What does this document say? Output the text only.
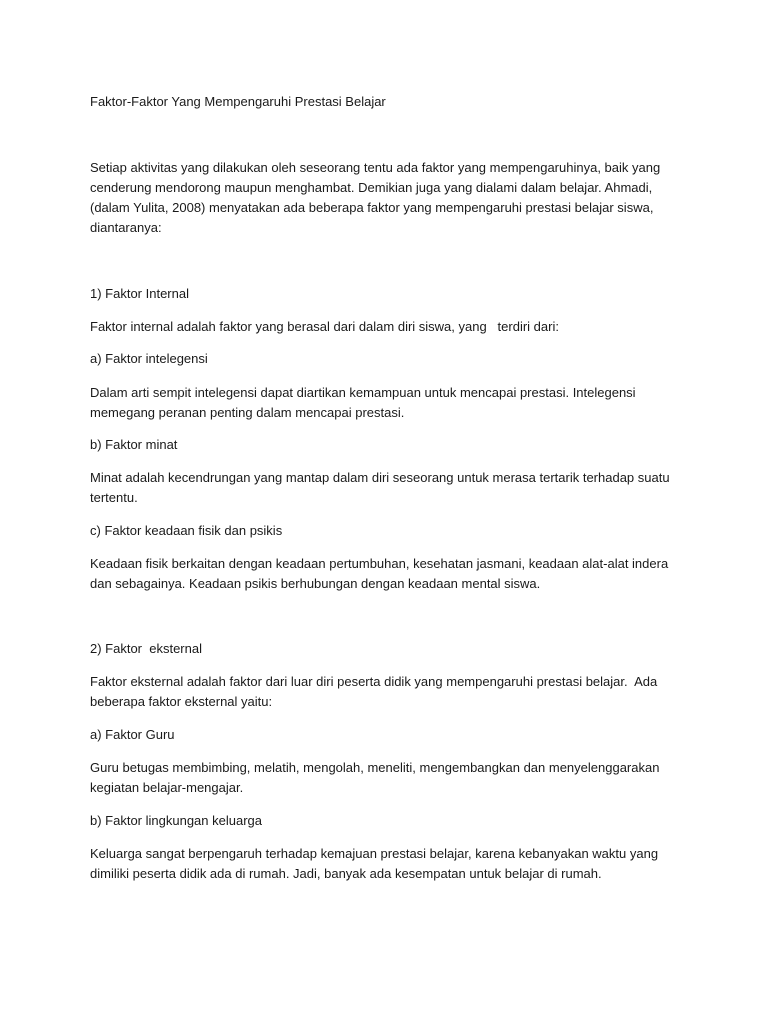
Faktor-Faktor Yang Mempengaruhi Prestasi Belajar

Setiap aktivitas yang dilakukan oleh seseorang tentu ada faktor yang mempengaruhinya, baik yang cenderung mendorong maupun menghambat. Demikian juga yang dialami dalam belajar. Ahmadi, (dalam Yulita, 2008) menyatakan ada beberapa faktor yang mempengaruhi prestasi belajar siswa, diantaranya:

1) Faktor Internal

Faktor internal adalah faktor yang berasal dari dalam diri siswa, yang   terdiri dari:

a) Faktor intelegensi

Dalam arti sempit intelegensi dapat diartikan kemampuan untuk mencapai prestasi. Intelegensi memegang peranan penting dalam mencapai prestasi.

b) Faktor minat

Minat adalah kecendrungan yang mantap dalam diri seseorang untuk merasa tertarik terhadap suatu tertentu.

c) Faktor keadaan fisik dan psikis

Keadaan fisik berkaitan dengan keadaan pertumbuhan, kesehatan jasmani, keadaan alat-alat indera dan sebagainya. Keadaan psikis berhubungan dengan keadaan mental siswa.

2) Faktor  eksternal

Faktor eksternal adalah faktor dari luar diri peserta didik yang mempengaruhi prestasi belajar.  Ada beberapa faktor eksternal yaitu:

a) Faktor Guru

Guru betugas membimbing, melatih, mengolah, meneliti, mengembangkan dan menyelenggarakan kegiatan belajar-mengajar.

b) Faktor lingkungan keluarga

Keluarga sangat berpengaruh terhadap kemajuan prestasi belajar, karena kebanyakan waktu yang dimiliki peserta didik ada di rumah. Jadi, banyak ada kesempatan untuk belajar di rumah.
